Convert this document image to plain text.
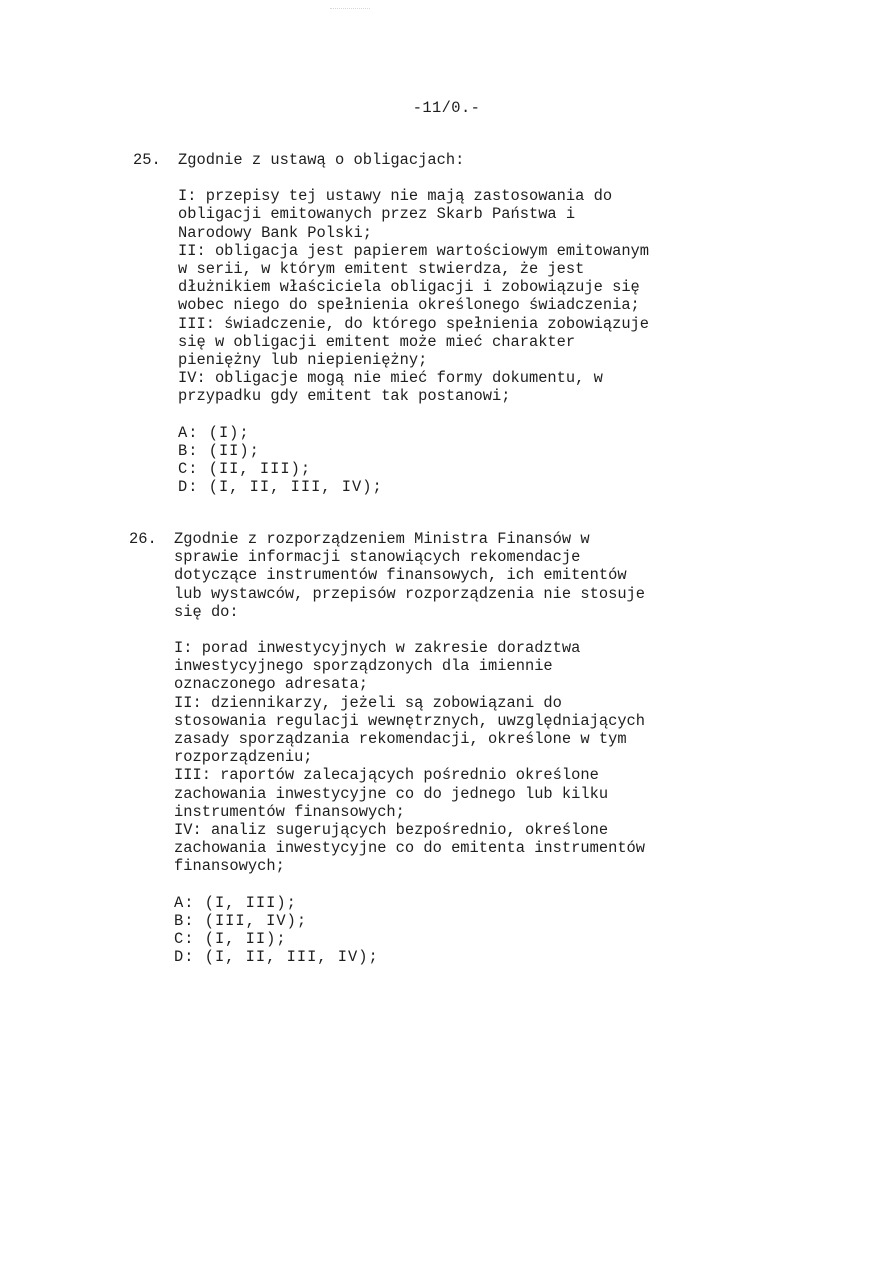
-11/0.-
25. Zgodnie z ustawą o obligacjach:
I: przepisy tej ustawy nie mają zastosowania do
obligacji emitowanych przez Skarb Państwa i
Narodowy Bank Polski;
II: obligacja jest papierem wartościowym emitowanym
w serii, w którym emitent stwierdza, że jest
dłużnikiem właściciela obligacji i zobowiązuje się
wobec niego do spełnienia określonego świadczenia;
III: świadczenie, do którego spełnienia zobowiązuje
się w obligacji emitent może mieć charakter
pieniężny lub niepieniężny;
IV: obligacje mogą nie mieć formy dokumentu, w
przypadku gdy emitent tak postanowi;
A: (I);
B: (II);
C: (II, III);
D: (I, II, III, IV);
26. Zgodnie z rozporządzeniem Ministra Finansów w
sprawie informacji stanowiących rekomendacje
dotyczące instrumentów finansowych, ich emitentów
lub wystawców, przepisów rozporządzenia nie stosuje
się do:
I: porad inwestycyjnych w zakresie doradztwa
inwestycyjnego sporządzonych dla imiennie
oznaczonego adresata;
II: dziennikarzy, jeżeli są zobowiązani do
stosowania regulacji wewnętrznych, uwzględniających
zasady sporządzania rekomendacji, określone w tym
rozporządzeniu;
III: raportów zalecających pośrednio określone
zachowania inwestycyjne co do jednego lub kilku
instrumentów finansowych;
IV: analiz sugerujących bezpośrednio, określone
zachowania inwestycyjne co do emitenta instrumentów
finansowych;
A: (I, III);
B: (III, IV);
C: (I, II);
D: (I, II, III, IV);
